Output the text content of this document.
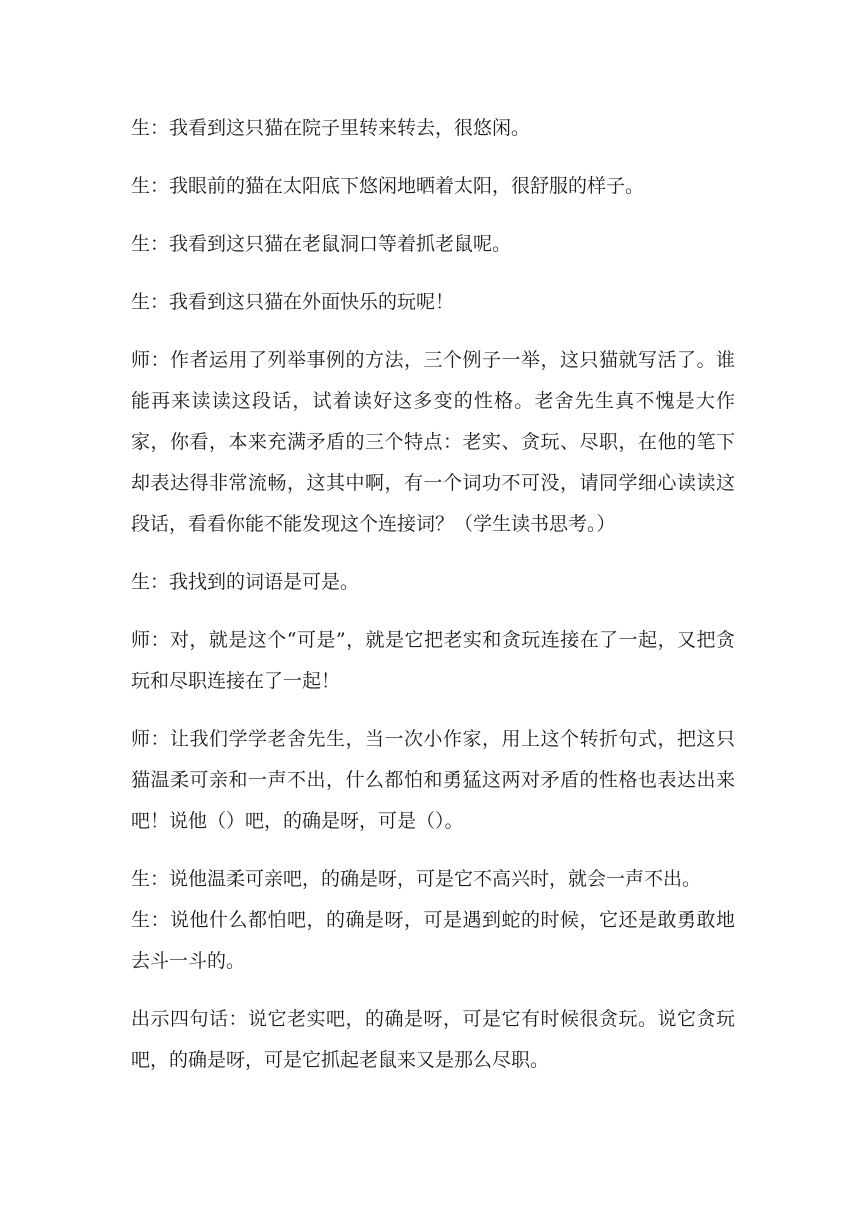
生：我看到这只猫在院子里转来转去，很悠闲。

生：我眼前的猫在太阳底下悠闲地晒着太阳，很舒服的样子。

生：我看到这只猫在老鼠洞口等着抓老鼠呢。

生：我看到这只猫在外面快乐的玩呢！

师：作者运用了列举事例的方法，三个例子一举，这只猫就写活了。谁能再来读读这段话，试着读好这多变的性格。老舍先生真不愧是大作家，你看，本来充满矛盾的三个特点：老实、贪玩、尽职，在他的笔下却表达得非常流畅，这其中啊，有一个词功不可没，请同学细心读读这段话，看看你能不能发现这个连接词？（学生读书思考。）

生：我找到的词语是可是。

师：对，就是这个“可是”，就是它把老实和贪玩连接在了一起，又把贪玩和尽职连接在了一起！

师：让我们学学老舍先生，当一次小作家，用上这个转折句式，把这只猫温柔可亲和一声不出，什么都怕和勇猛这两对矛盾的性格也表达出来吧！说他（）吧，的确是呀，可是（）。

生：说他温柔可亲吧，的确是呀，可是它不高兴时，就会一声不出。

生：说他什么都怕吧，的确是呀，可是遇到蛇的时候，它还是敢勇敢地去斗一斗的。

出示四句话：说它老实吧，的确是呀，可是它有时候很贪玩。说它贪玩吧，的确是呀，可是它抓起老鼠来又是那么尽职。
